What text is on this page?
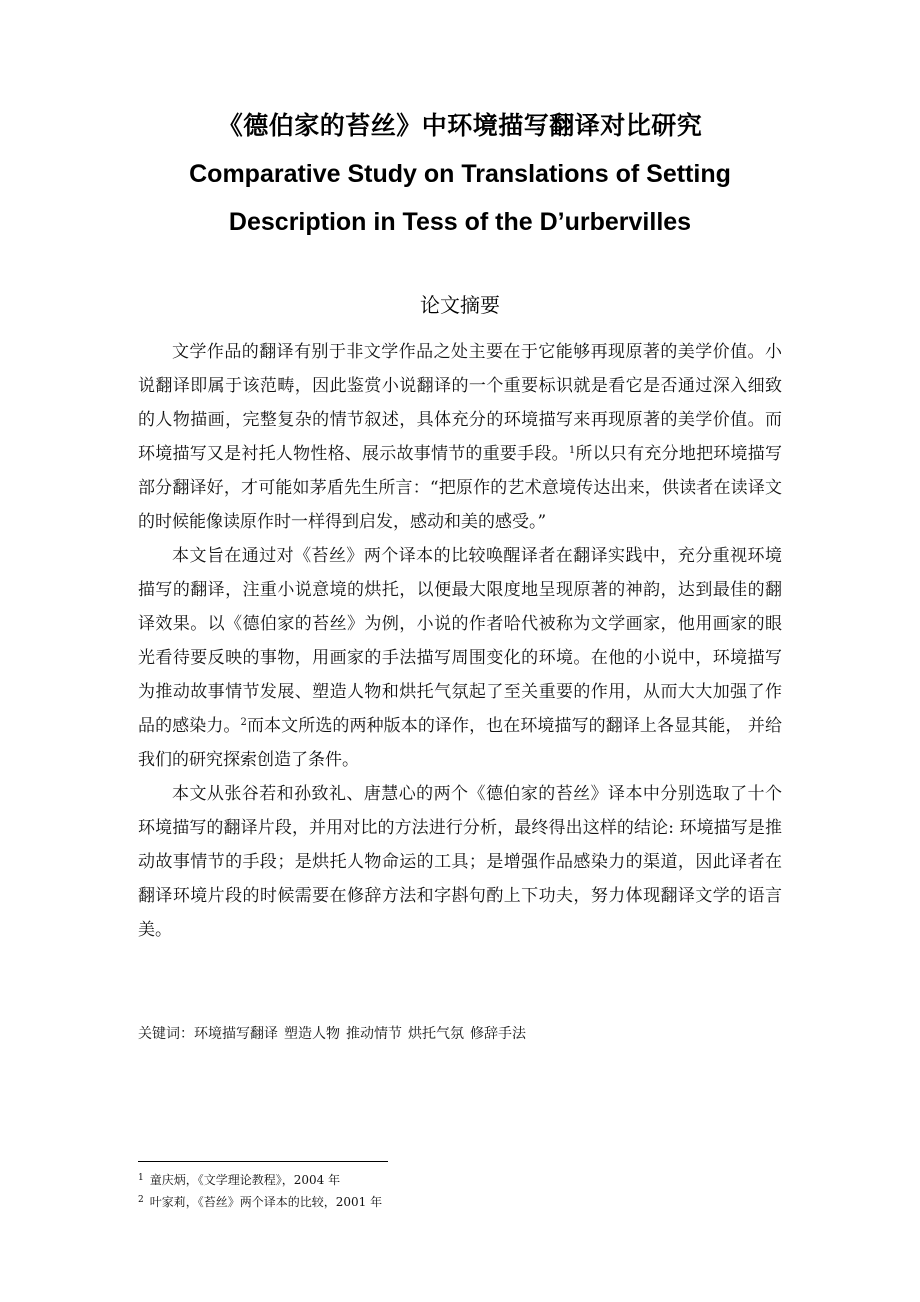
《德伯家的苔丝》中环境描写翻译对比研究
Comparative Study on Translations of Setting
Description in Tess of the D’urbervilles
论文摘要

文学作品的翻译有别于非文学作品之处主要在于它能够再现原著的美学价值。小说翻译即属于该范畴，因此鉴赏小说翻译的一个重要标识就是看它是否通过深入细致的人物描画，完整复杂的情节叙述，具体充分的环境描写来再现原著的美学价值。而环境描写又是衬托人物性格、展示故事情节的重要手段。$^1$所以只有充分地把环境描写部分翻译好，才可能如茅盾先生所言：“把原作的艺术意境传达出来，供读者在读译文的时候能像读原作时一样得到启发，感动和美的感受。”

本文旨在通过对《苔丝》两个译本的比较唤醒译者在翻译实践中，充分重视环境描写的翻译，注重小说意境的烘托，以便最大限度地呈现原著的神韵，达到最佳的翻译效果。以《德伯家的苔丝》为例，小说的作者哈代被称为文学画家，他用画家的眼光看待要反映的事物，用画家的手法描写周围变化的环境。在他的小说中，环境描写为推动故事情节发展、塑造人物和烘托气氛起了至关重要的作用，从而大大加强了作品的感染力。$^2$而本文所选的两种版本的译作，也在环境描写的翻译上各显其能， 并给我们的研究探索创造了条件。

本文从张谷若和孙致礼、唐慧心的两个《德伯家的苔丝》译本中分别选取了十个环境描写的翻译片段，并用对比的方法进行分析，最终得出这样的结论: 环境描写是推动故事情节的手段；是烘托人物命运的工具；是增强作品感染力的渠道，因此译者在翻译环境片段的时候需要在修辞方法和字斟句酌上下功夫，努力体现翻译文学的语言美。

关键词：环境描写翻译 塑造人物 推动情节 烘托气氛 修辞手法
$^1$ 童庆炳，《文学理论教程》，2004 年
$^2$ 叶家莉，《苔丝》两个译本的比较，2001 年
